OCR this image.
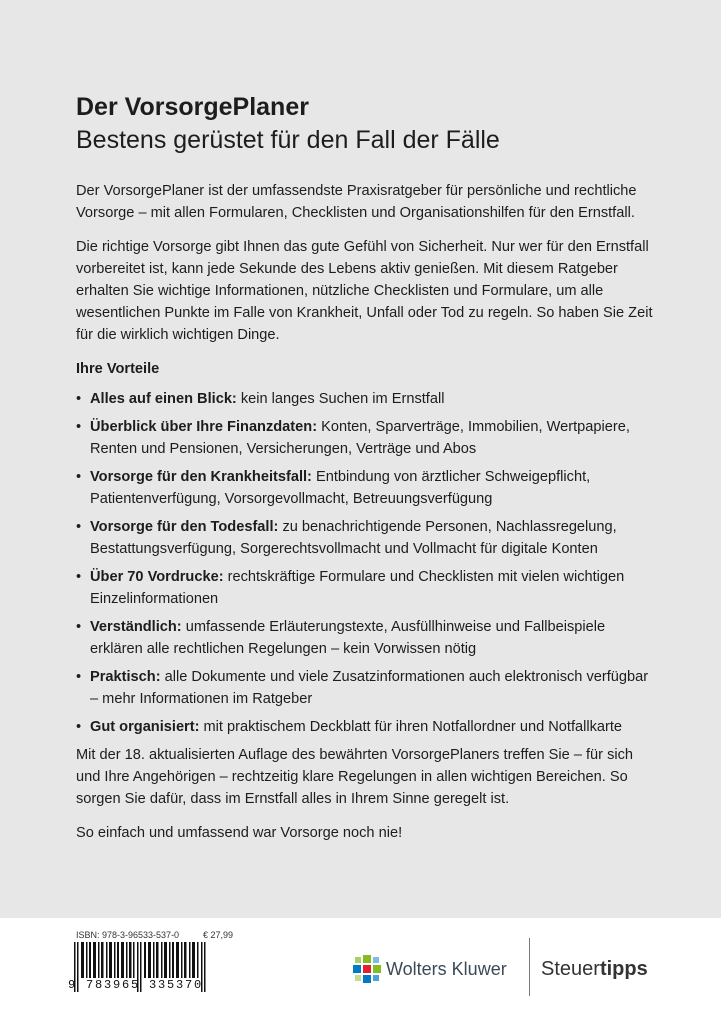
Der VorsorgePlaner
Bestens gerüstet für den Fall der Fälle

Der VorsorgePlaner ist der umfassendste Praxisratgeber für persönliche und rechtliche Vorsorge – mit allen Formularen, Checklisten und Organisationshilfen für den Ernstfall.

Die richtige Vorsorge gibt Ihnen das gute Gefühl von Sicherheit. Nur wer für den Ernstfall vorbereitet ist, kann jede Sekunde des Lebens aktiv genießen. Mit diesem Ratgeber erhalten Sie wichtige Informationen, nützliche Checklisten und Formulare, um alle wesentlichen Punkte im Falle von Krankheit, Unfall oder Tod zu regeln. So haben Sie Zeit für die wirklich wichtigen Dinge.

Ihre Vorteile
• Alles auf einen Blick: kein langes Suchen im Ernstfall
• Überblick über Ihre Finanzdaten: Konten, Sparverträge, Immobilien, Wertpapiere, Renten und Pensionen, Versicherungen, Verträge und Abos
• Vorsorge für den Krankheitsfall: Entbindung von ärztlicher Schweigepflicht, Patientenverfügung, Vorsorgevollmacht, Betreuungsverfügung
• Vorsorge für den Todesfall: zu benachrichtigende Personen, Nachlassregelung, Bestattungsverfügung, Sorgerechtsvollmacht und Vollmacht für digitale Konten
• Über 70 Vordrucke: rechtskräftige Formulare und Checklisten mit vielen wichtigen Einzelinformationen
• Verständlich: umfassende Erläuterungstexte, Ausfüllhinweise und Fallbeispiele erklären alle rechtlichen Regelungen – kein Vorwissen nötig
• Praktisch: alle Dokumente und viele Zusatzinformationen auch elektronisch verfügbar – mehr Informationen im Ratgeber
• Gut organisiert: mit praktischem Deckblatt für ihren Notfallordner und Notfallkarte

Mit der 18. aktualisierten Auflage des bewährten VorsorgePlaners treffen Sie – für sich und Ihre Angehörigen – rechtzeitig klare Regelungen in allen wichtigen Bereichen. So sorgen Sie dafür, dass im Ernstfall alles in Ihrem Sinne geregelt ist.

So einfach und umfassend war Vorsorge noch nie!

ISBN: 978-3-96533-537-0	€ 27,99
9 783965 335370
Wolters Kluwer Steuertipps
